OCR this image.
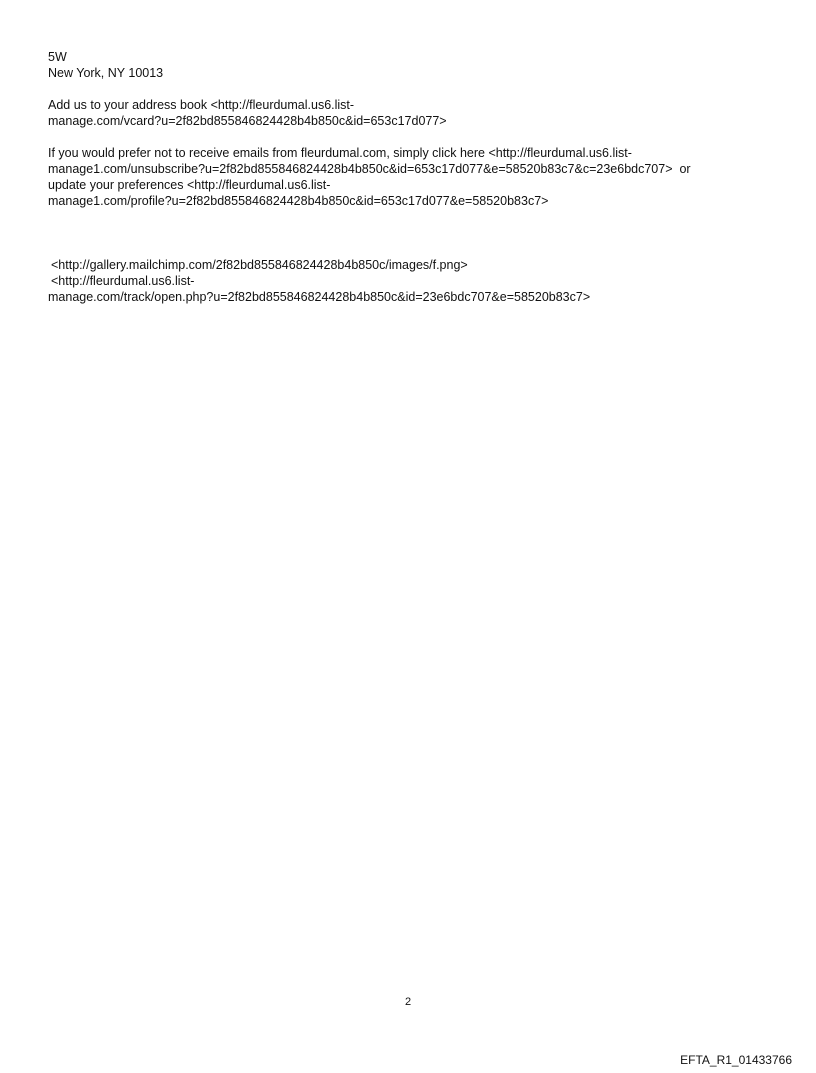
5W
New York, NY 10013
Add us to your address book <http://fleurdumal.us6.list-
manage.com/vcard?u=2f82bd855846824428b4b850c&id=653c17d077>
If you would prefer not to receive emails from fleurdumal.com, simply click here <http://fleurdumal.us6.list-
manage1.com/unsubscribe?u=2f82bd855846824428b4b850c&id=653c17d077&e=58520b83c7&c=23e6bdc707>  or
update your preferences <http://fleurdumal.us6.list-
manage1.com/profile?u=2f82bd855846824428b4b850c&id=653c17d077&e=58520b83c7>
<http://gallery.mailchimp.com/2f82bd855846824428b4b850c/images/f.png>
<http://fleurdumal.us6.list-
manage.com/track/open.php?u=2f82bd855846824428b4b850c&id=23e6bdc707&e=58520b83c7>
2
EFTA_R1_01433766
